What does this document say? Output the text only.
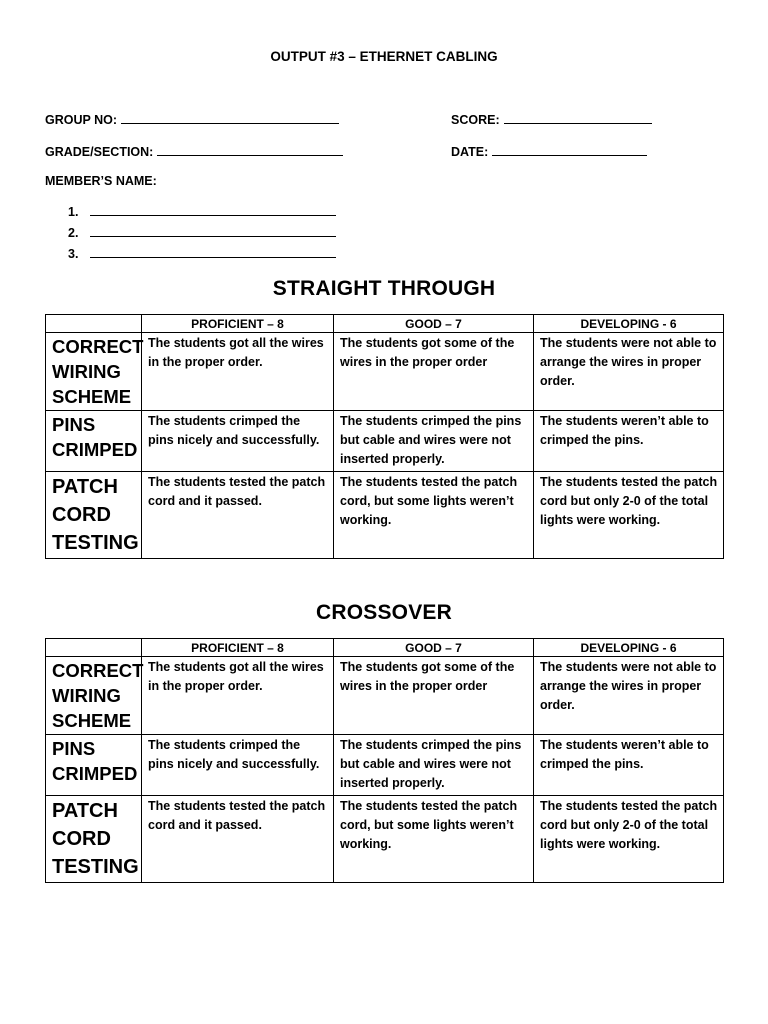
OUTPUT #3 – ETHERNET CABLING
GROUP NO:	SCORE:
GRADE/SECTION:	DATE:
MEMBER’S NAME:
1.
2.
3.
STRAIGHT THROUGH
	PROFICIENT – 8	GOOD – 7	DEVELOPING - 6

CORRECT
WIRING
SCHEME	The students got all the wires in the proper order.	The students got some of the wires in the proper order	The students were not able to arrange the wires in proper order.

PINS
CRIMPED	The students crimped the pins nicely and successfully.	The students crimped the pins but cable and wires were not inserted properly.	The students weren’t able to crimped the pins.

PATCH
CORD
TESTING	The students tested the patch cord and it passed.	The students tested the patch cord, but some lights weren’t working.	The students tested the patch cord but only 2-0 of the total lights were working.
CROSSOVER
	PROFICIENT – 8	GOOD – 7	DEVELOPING - 6

CORRECT
WIRING
SCHEME	The students got all the wires in the proper order.	The students got some of the wires in the proper order	The students were not able to arrange the wires in proper order.

PINS
CRIMPED	The students crimped the pins nicely and successfully.	The students crimped the pins but cable and wires were not inserted properly.	The students weren’t able to crimped the pins.

PATCH
CORD
TESTING	The students tested the patch cord and it passed.	The students tested the patch cord, but some lights weren’t working.	The students tested the patch cord but only 2-0 of the total lights were working.
